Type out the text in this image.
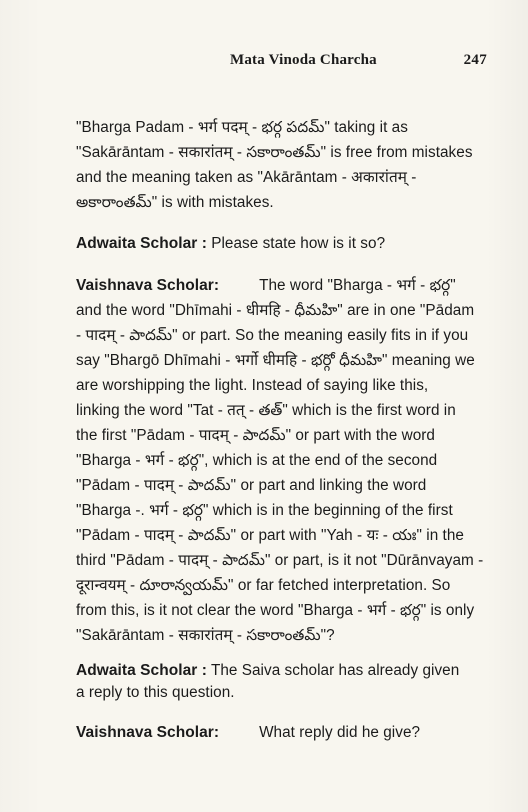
Mata Vinoda Charcha	247
"Bharga Padam - भर्ग पदम् - భర్గ పదమ్" taking it as
"Sakārāntam - सकारांतम् - సకారాంతమ్" is free from mistakes
and the meaning taken as "Akārāntam - अकारांतम् -
అకారాంతమ్" is with mistakes.
Adwaita Scholar : Please state how is it so?
Vaishnava Scholar:	The word "Bharga - भर्ग - భర్గ"
and the word "Dhīmahi - धीमहि - ధీమహి" are in one "Pādam
- पादम् - పాదమ్" or part. So the meaning easily fits in if you
say "Bhargō Dhīmahi - भर्गो धीमहि - భర్గో ధీమహి" meaning we
are worshipping the light. Instead of saying like this,
linking the word "Tat - तत् - తత్" which is the first word in
the first "Pādam - पादम् - పాదమ్" or part with the word
"Bharga - भर्ग - భర్గ", which is at the end of the second
"Pādam - पादम् - పాదమ్" or part and linking the word
"Bharga -. भर्ग - భర్గ" which is in the beginning of the first
"Pādam - पादम् - పాదమ్" or part with "Yah - यः - యః" in the
third "Pādam - पादम् - పాదమ్" or part, is it not "Dūrānvayam -
दूरान्वयम् - దూరాన్వయమ్" or far fetched interpretation. So
from this, is it not clear the word "Bharga - भर्ग - భర్గ" is only
"Sakārāntam - सकारांतम् - సకారాంతమ్"?
Adwaita Scholar : The Saiva scholar has already given
a reply to this question.
Vaishnava Scholar:	What reply did he give?
